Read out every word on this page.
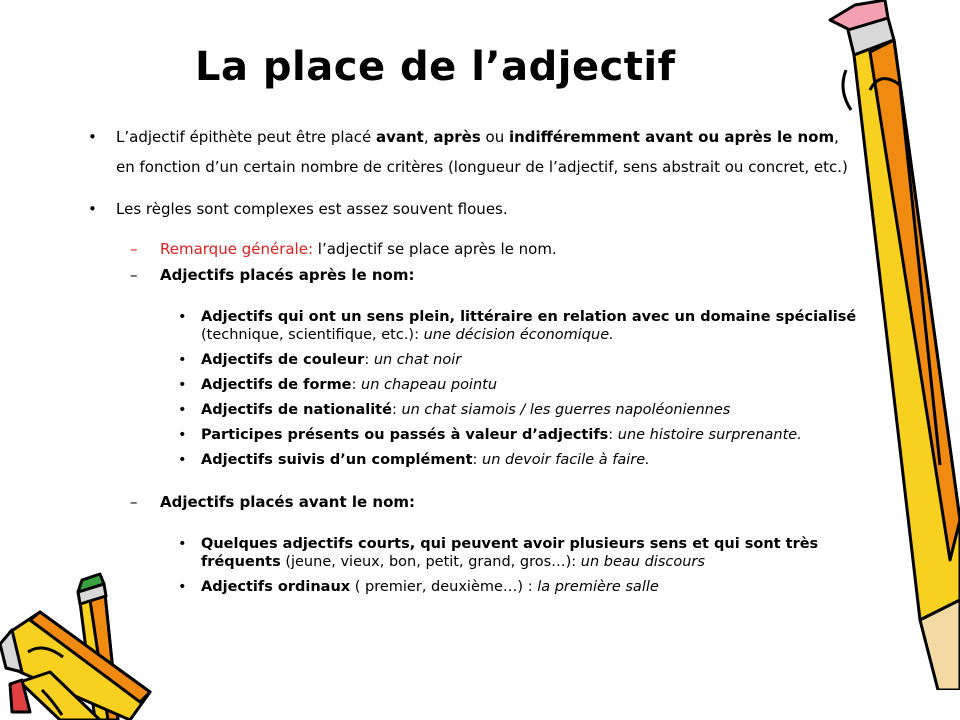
La place de l’adjectif
• L’adjectif épithète peut être placé avant, après ou indifféremment avant ou après le nom, en fonction d’un certain nombre de critères (longueur de l’adjectif, sens abstrait ou concret, etc.)
• Les règles sont complexes est assez souvent floues.
– Remarque générale: l’adjectif se place après le nom.
– Adjectifs placés après le nom:
• Adjectifs qui ont un sens plein, littéraire en relation avec un domaine spécialisé (technique, scientifique, etc.): une décision économique.
• Adjectifs de couleur: un chat noir
• Adjectifs de forme: un chapeau pointu
• Adjectifs de nationalité: un chat siamois / les guerres napoléoniennes
• Participes présents ou passés à valeur d’adjectifs: une histoire surprenante.
• Adjectifs suivis d’un complément: un devoir facile à faire.
– Adjectifs placés avant le nom:
• Quelques adjectifs courts, qui peuvent avoir plusieurs sens et qui sont très fréquents (jeune, vieux, bon, petit, grand, gros…): un beau discours
• Adjectifs ordinaux ( premier, deuxième…) : la première salle
